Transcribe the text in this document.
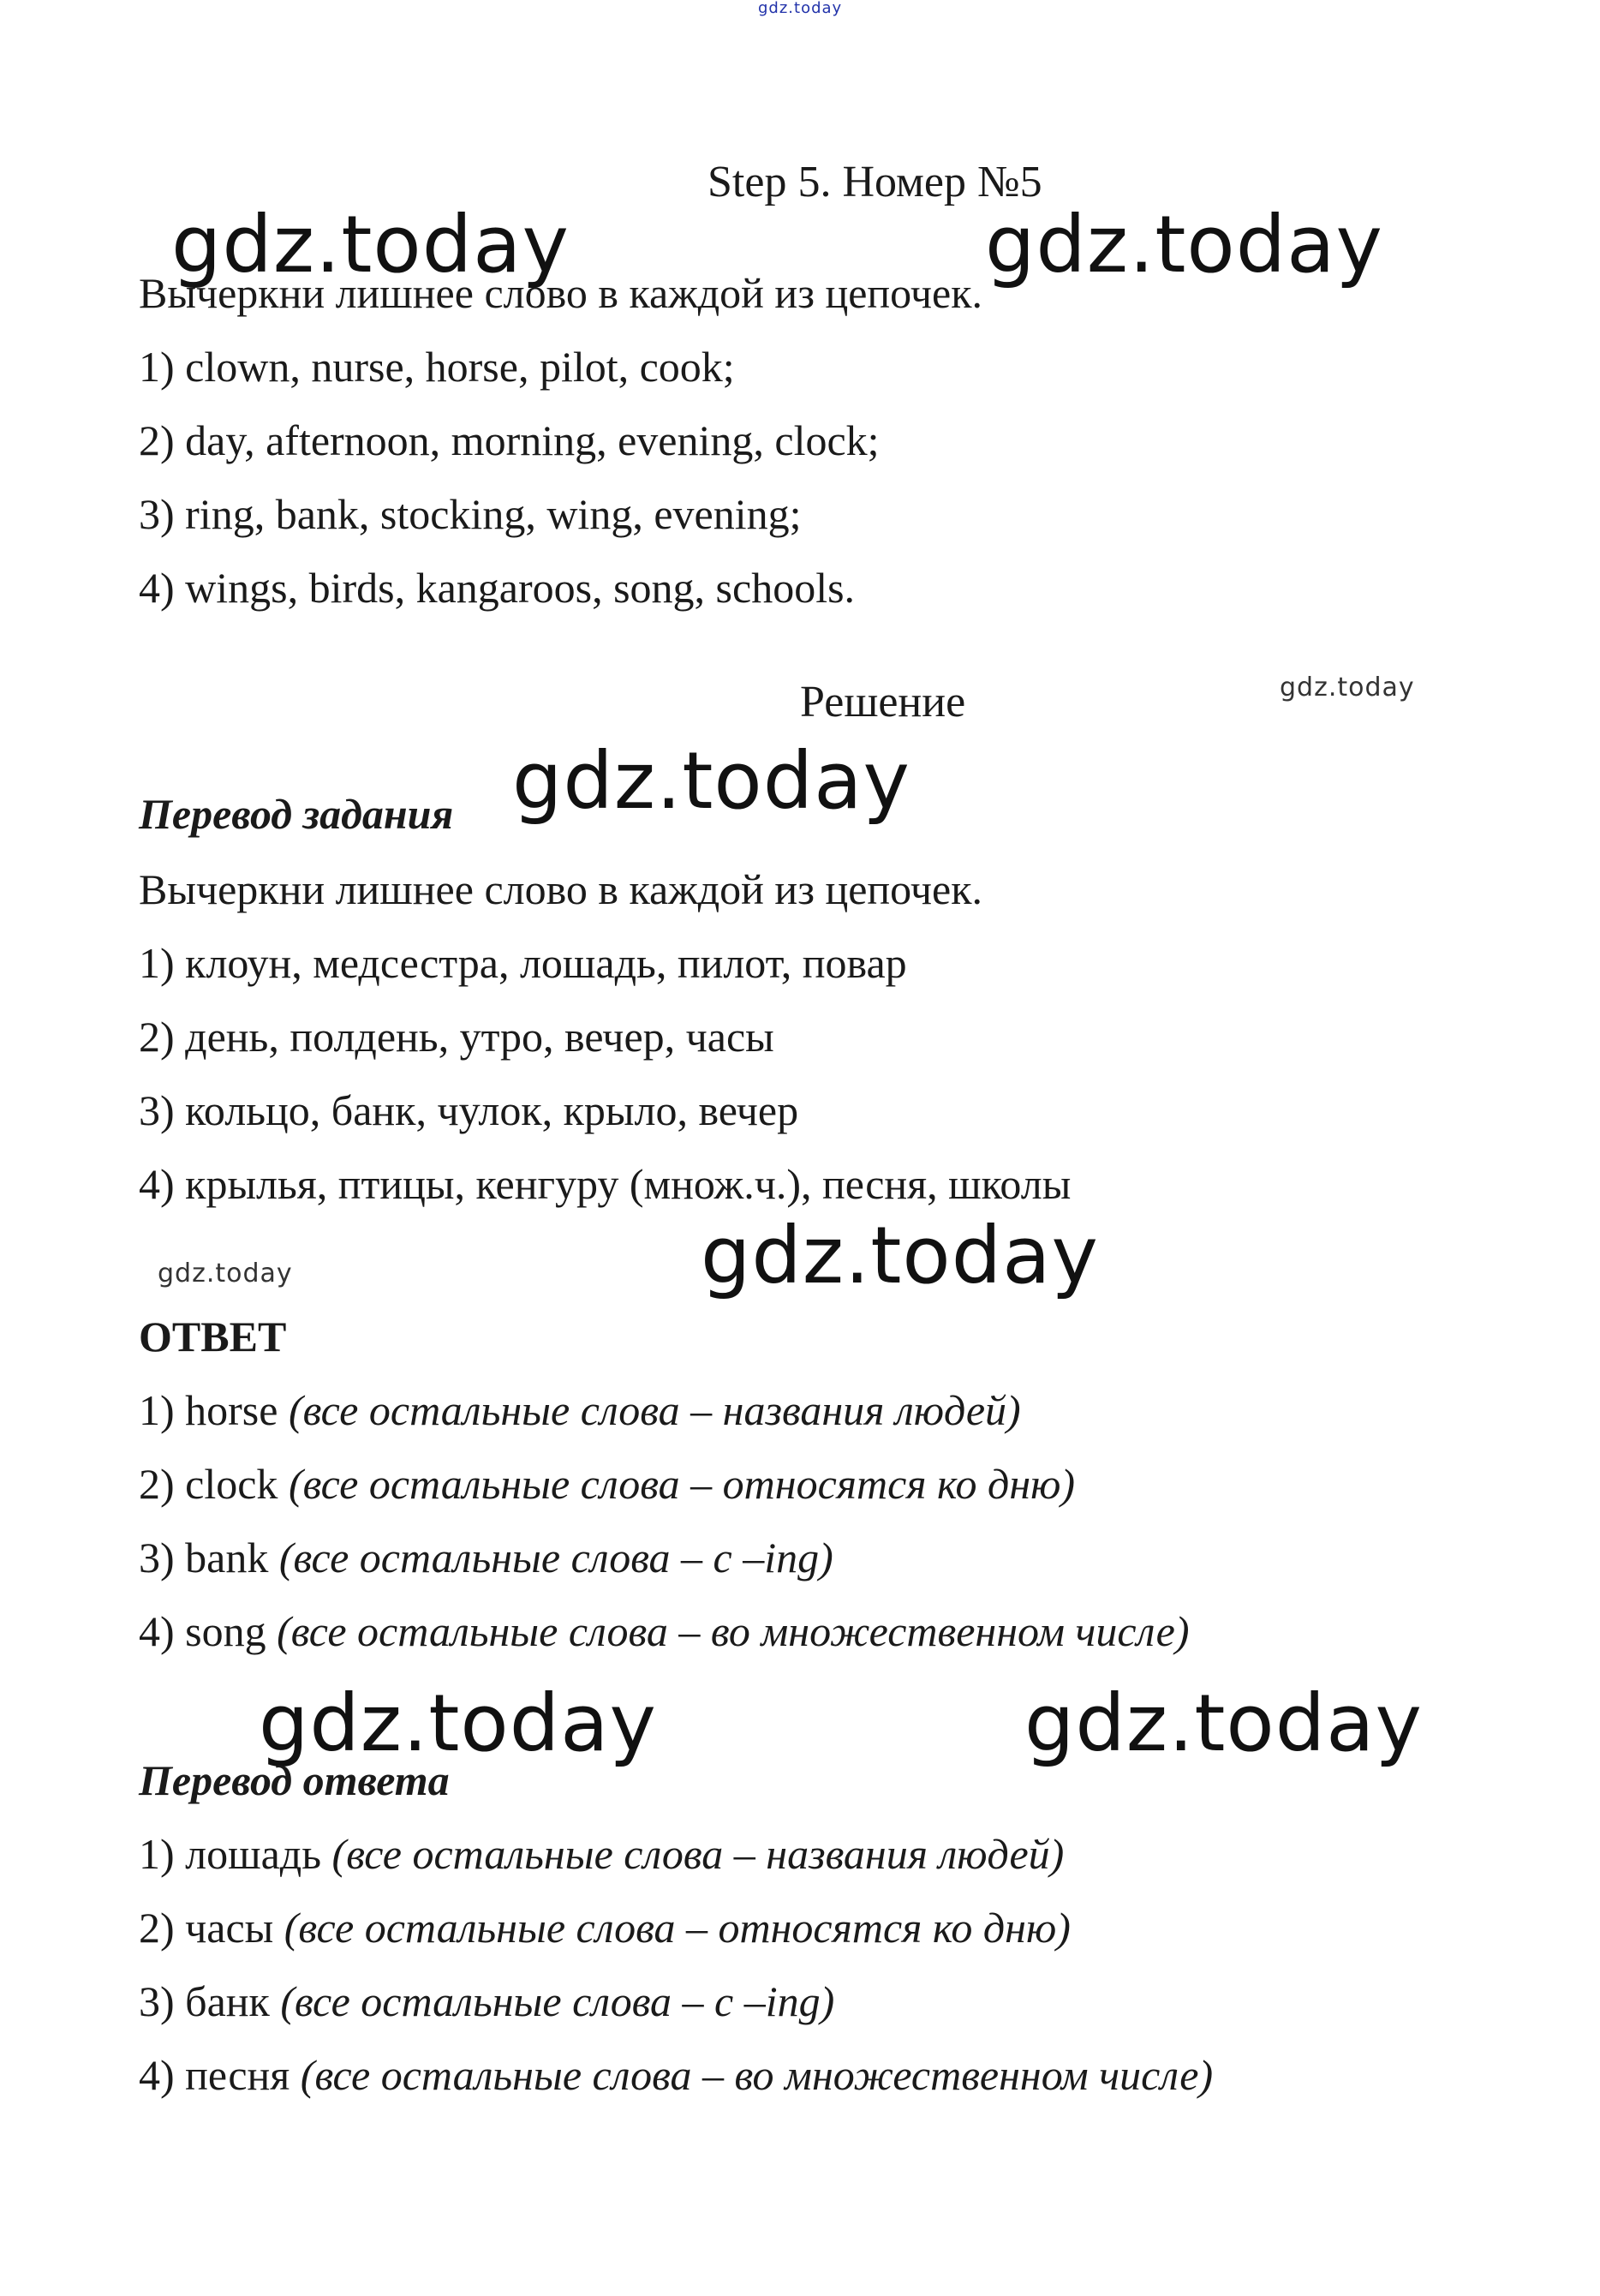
gdz.today
Step 5. Номер №5
gdz.today	gdz.today
Вычеркни лишнее слово в каждой из цепочек.
1) clown, nurse, horse, pilot, cook;
2) day, afternoon, morning, evening, clock;
3) ring, bank, stocking, wing, evening;
4) wings, birds, kangaroos, song, schools.
Решение	gdz.today
gdz.today
Перевод задания
Вычеркни лишнее слово в каждой из цепочек.
1) клоун, медсестра, лошадь, пилот, повар
2) день, полдень, утро, вечер, часы
3) кольцо, банк, чулок, крыло, вечер
4) крылья, птицы, кенгуру (множ.ч.), песня, школы
gdz.today	gdz.today
ОТВЕТ
1) horse (все остальные слова – названия людей)
2) clock (все остальные слова – относятся ко дню)
3) bank (все остальные слова – с –ing)
4) song (все остальные слова – во множественном числе)
gdz.today	gdz.today
Перевод ответа
1) лошадь (все остальные слова – названия людей)
2) часы (все остальные слова – относятся ко дню)
3) банк (все остальные слова – с –ing)
4) песня (все остальные слова – во множественном числе)
